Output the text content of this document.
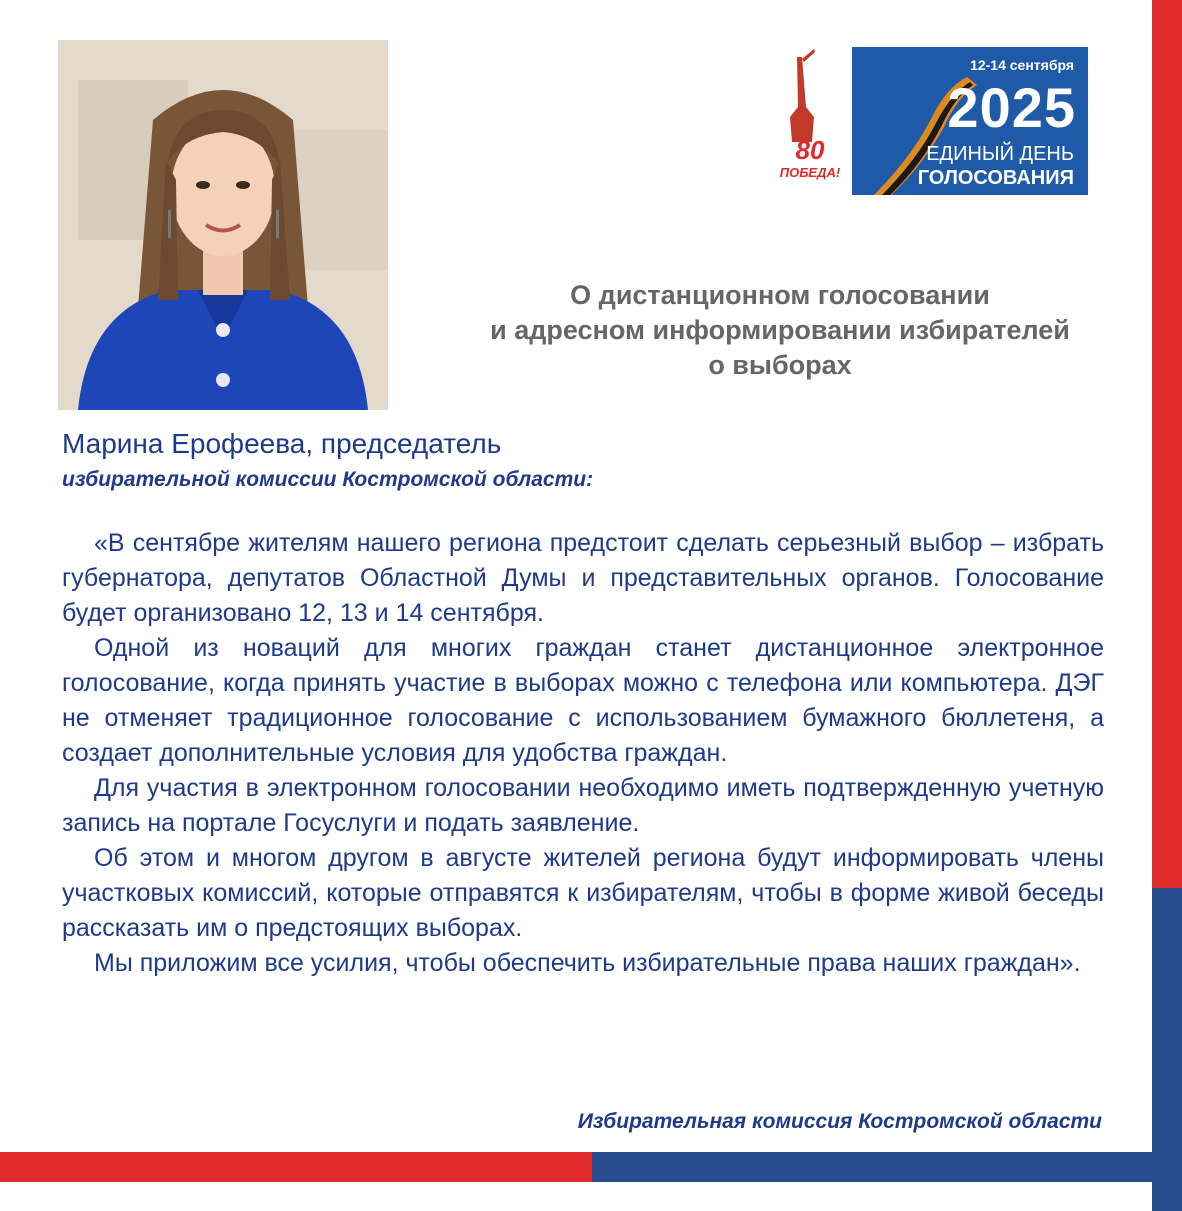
80
ПОБЕДА!
12-14 сентября
2025
ЕДИНЫЙ ДЕНЬ
ГОЛОСОВАНИЯ
О дистанционном голосовании
и адресном информировании избирателей
о выборах
Марина Ерофеева, председатель
избирательной комиссии Костромской области:

«В сентябре жителям нашего региона предстоит сделать серьезный выбор – избрать губернатора, депутатов Областной Думы и представительных органов. Голосование будет организовано 12, 13 и 14 сентября.

Одной из новаций для многих граждан станет дистанционное электронное голосование, когда принять участие в выборах можно с телефона или компьютера. ДЭГ не отменяет традиционное голосование с использованием бумажного бюллетеня, а создает дополнительные условия для удобства граждан.

Для участия в электронном голосовании необходимо иметь подтвержденную учетную запись на портале Госуслуги и подать заявление.

Об этом и многом другом в августе жителей региона будут информировать члены участковых комиссий, которые отправятся к избирателям, чтобы в форме живой беседы рассказать им о предстоящих выборах.

Мы приложим все усилия, чтобы обеспечить избирательные права наших граждан».

Избирательная комиссия Костромской области
